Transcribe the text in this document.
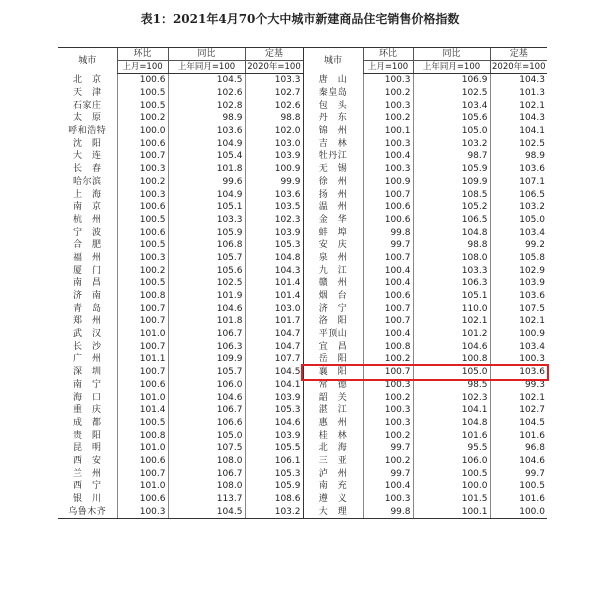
表1：2021年4月70个大中城市新建商品住宅销售价格指数
城市	环比	同比	定基	城市	环比	同比	定基
	上月=100	上年同月=100	2020年=100		上月=100	上年同月=100	2020年=100
北　京	100.6	104.5	103.3	唐　山	100.3	106.9	104.3
天　津	100.5	102.6	102.7	秦皇岛	100.2	102.5	101.3
石家庄	100.5	102.8	102.6	包　头	100.3	103.4	102.1
太　原	100.2	98.9	98.8	丹　东	100.2	105.6	104.3
呼和浩特	100.0	103.6	102.0	锦　州	100.1	105.0	104.1
沈　阳	100.6	104.9	103.0	吉　林	100.3	103.2	102.5
大　连	100.7	105.4	103.9	牡丹江	100.4	98.7	98.9
长　春	100.3	101.8	100.9	无　锡	100.3	105.9	103.6
哈尔滨	100.2	99.6	99.9	徐　州	100.9	109.9	107.1
上　海	100.3	104.9	103.6	扬　州	100.7	108.5	106.5
南　京	100.6	105.1	103.5	温　州	100.6	105.2	103.2
杭　州	100.5	103.3	102.3	金　华	100.6	106.5	105.0
宁　波	100.6	105.9	103.9	蚌　埠	99.8	104.8	103.4
合　肥	100.5	106.8	105.3	安　庆	99.7	98.8	99.2
福　州	100.3	105.7	104.8	泉　州	100.7	108.0	105.8
厦　门	100.2	105.6	104.3	九　江	100.4	103.3	102.9
南　昌	100.5	102.5	101.4	赣　州	100.4	106.3	103.9
济　南	100.8	101.9	101.4	烟　台	100.6	105.1	103.6
青　岛	100.7	104.6	103.0	济　宁	100.7	110.0	107.5
郑　州	100.7	101.8	101.7	洛　阳	100.7	102.1	102.1
武　汉	101.0	106.7	104.7	平顶山	100.4	101.2	100.9
长　沙	100.7	106.3	104.7	宜　昌	100.8	104.6	103.4
广　州	101.1	109.9	107.7	岳　阳	100.2	100.8	100.3
深　圳	100.7	105.7	104.5	襄　阳	100.7	105.0	103.6
南　宁	100.6	106.0	104.1	常　德	100.3	98.5	99.3
海　口	101.0	104.6	103.9	韶　关	100.2	102.3	102.1
重　庆	101.4	106.7	105.3	湛　江	100.3	104.1	102.7
成　都	100.5	106.6	104.6	惠　州	100.3	104.8	104.5
贵　阳	100.8	105.0	103.9	桂　林	100.2	101.6	101.6
昆　明	101.0	107.5	105.5	北　海	99.7	95.5	96.8
西　安	100.6	108.0	106.1	三　亚	100.2	106.0	104.6
兰　州	100.7	106.7	105.3	泸　州	99.7	100.5	99.7
西　宁	101.0	108.0	105.9	南　充	100.4	100.0	100.5
银　川	100.6	113.7	108.6	遵　义	100.3	101.5	101.6
乌鲁木齐	100.3	104.5	103.2	大　理	99.8	100.1	100.0
